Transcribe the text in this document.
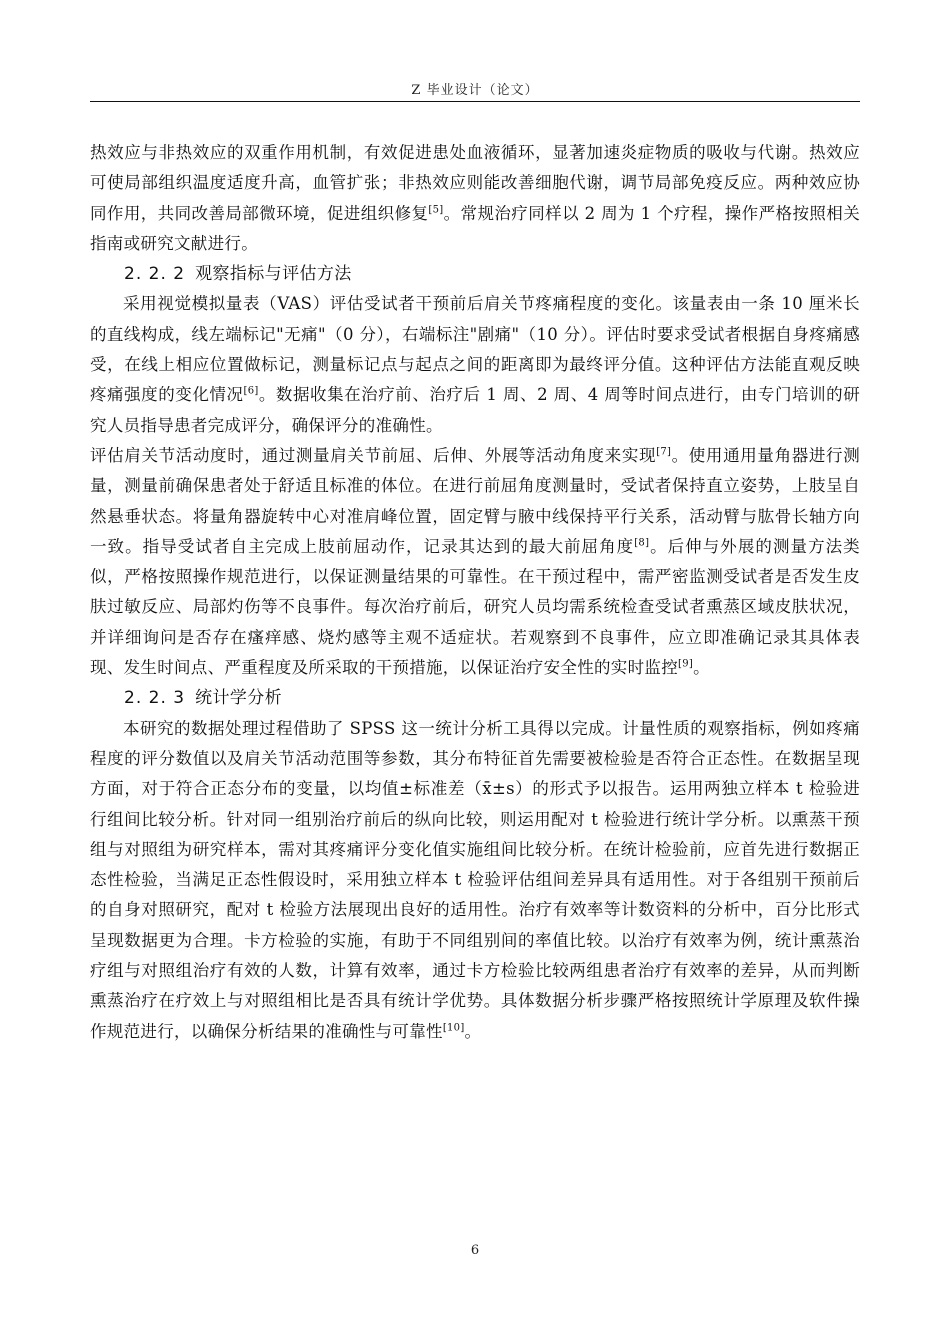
Z 毕业设计（论文）

热效应与非热效应的双重作用机制，有效促进患处血液循环，显著加速炎症物质的吸收与代谢。热效应可使局部组织温度适度升高，血管扩张；非热效应则能改善细胞代谢，调节局部免疫反应。两种效应协同作用，共同改善局部微环境，促进组织修复[5]。常规治疗同样以 2 周为 1 个疗程，操作严格按照相关指南或研究文献进行。

2. 2. 2 观察指标与评估方法

采用视觉模拟量表（VAS）评估受试者干预前后肩关节疼痛程度的变化。该量表由一条 10 厘米长的直线构成，线左端标记"无痛"（0 分），右端标注"剧痛"（10 分）。评估时要求受试者根据自身疼痛感受，在线上相应位置做标记，测量标记点与起点之间的距离即为最终评分值。这种评估方法能直观反映疼痛强度的变化情况[6]。数据收集在治疗前、治疗后 1 周、2 周、4 周等时间点进行，由专门培训的研究人员指导患者完成评分，确保评分的准确性。

评估肩关节活动度时，通过测量肩关节前屈、后伸、外展等活动角度来实现[7]。使用通用量角器进行测量，测量前确保患者处于舒适且标准的体位。在进行前屈角度测量时，受试者保持直立姿势，上肢呈自然悬垂状态。将量角器旋转中心对准肩峰位置，固定臂与腋中线保持平行关系，活动臂与肱骨长轴方向一致。指导受试者自主完成上肢前屈动作，记录其达到的最大前屈角度[8]。后伸与外展的测量方法类似，严格按照操作规范进行，以保证测量结果的可靠性。在干预过程中，需严密监测受试者是否发生皮肤过敏反应、局部灼伤等不良事件。每次治疗前后，研究人员均需系统检查受试者熏蒸区域皮肤状况，并详细询问是否存在瘙痒感、烧灼感等主观不适症状。若观察到不良事件，应立即准确记录其具体表现、发生时间点、严重程度及所采取的干预措施，以保证治疗安全性的实时监控[9]。

2. 2. 3 统计学分析

本研究的数据处理过程借助了 SPSS 这一统计分析工具得以完成。计量性质的观察指标，例如疼痛程度的评分数值以及肩关节活动范围等参数，其分布特征首先需要被检验是否符合正态性。在数据呈现方面，对于符合正态分布的变量，以均值±标准差（x̄±s）的形式予以报告。运用两独立样本 t 检验进行组间比较分析。针对同一组别治疗前后的纵向比较，则运用配对 t 检验进行统计学分析。以熏蒸干预组与对照组为研究样本，需对其疼痛评分变化值实施组间比较分析。在统计检验前，应首先进行数据正态性检验，当满足正态性假设时，采用独立样本 t 检验评估组间差异具有适用性。对于各组别干预前后的自身对照研究，配对 t 检验方法展现出良好的适用性。治疗有效率等计数资料的分析中，百分比形式呈现数据更为合理。卡方检验的实施，有助于不同组别间的率值比较。以治疗有效率为例，统计熏蒸治疗组与对照组治疗有效的人数，计算有效率，通过卡方检验比较两组患者治疗有效率的差异，从而判断熏蒸治疗在疗效上与对照组相比是否具有统计学优势。具体数据分析步骤严格按照统计学原理及软件操作规范进行，以确保分析结果的准确性与可靠性[10]。

6
